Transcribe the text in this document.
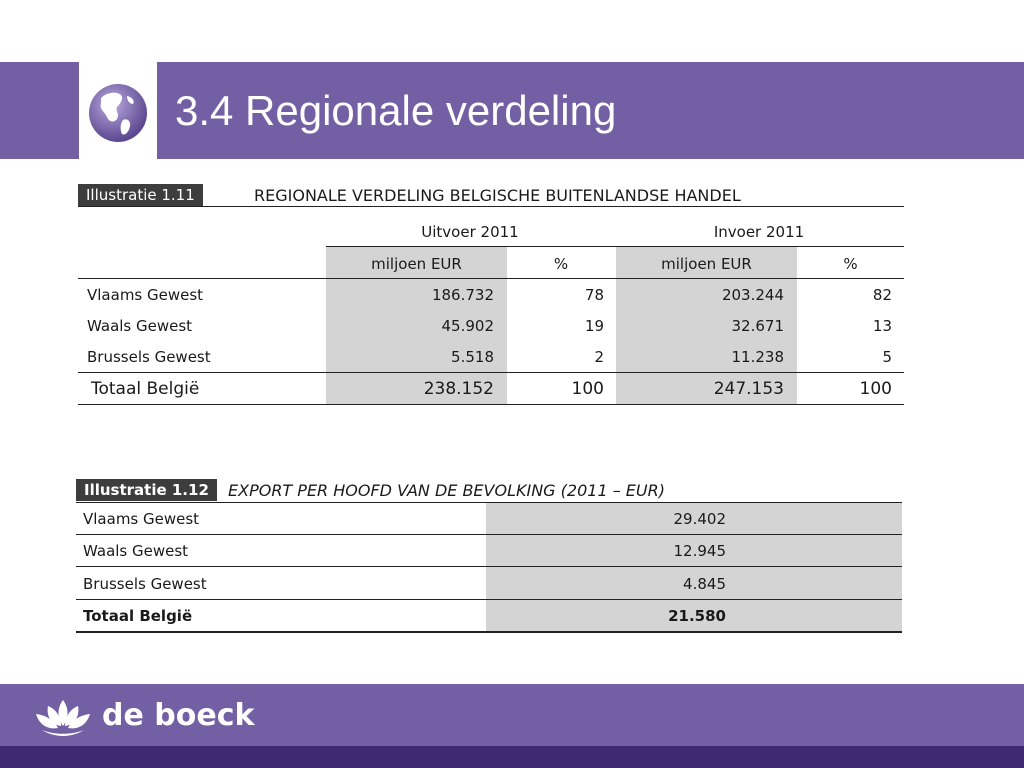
3.4 Regionale verdeling
Illustratie 1.11	REGIONALE VERDELING BELGISCHE BUITENLANDSE HANDEL
Uitvoer 2011	Invoer 2011
miljoen EUR	%	miljoen EUR	%
Vlaams Gewest	186.732	78	203.244	82
Waals Gewest	45.902	19	32.671	13
Brussels Gewest	5.518	2	11.238	5
Totaal België	238.152	100	247.153	100
Illustratie 1.12	EXPORT PER HOOFD VAN DE BEVOLKING (2011 – EUR)
Vlaams Gewest	29.402
Waals Gewest	12.945
Brussels Gewest	4.845
Totaal België	21.580
de boeck
